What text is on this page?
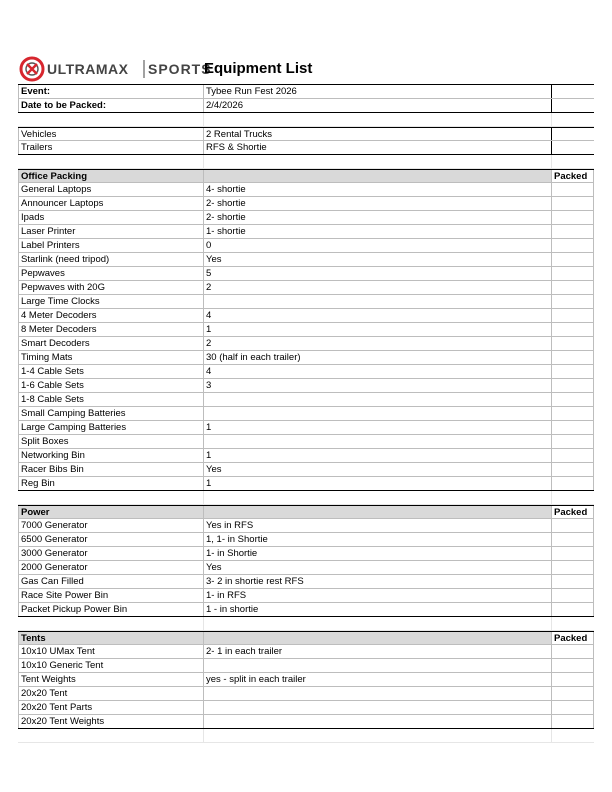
ULTRAMAX SPORTS
Equipment List
Event:	Tybee Run Fest 2026
Date to be Packed:	2/4/2026
Vehicles	2 Rental Trucks
Trailers	RFS & Shortie
Office Packing	Packed
General Laptops	4- shortie
Announcer Laptops	2- shortie
Ipads	2- shortie
Laser Printer	1- shortie
Label Printers	0
Starlink (need tripod)	Yes
Pepwaves	5
Pepwaves with 20G	2
Large Time Clocks
4 Meter Decoders	4
8 Meter Decoders	1
Smart Decoders	2
Timing Mats	30 (half in each trailer)
1-4 Cable Sets	4
1-6 Cable Sets	3
1-8 Cable Sets
Small Camping Batteries
Large Camping Batteries	1
Split Boxes
Networking Bin	1
Racer Bibs Bin	Yes
Reg Bin	1
Power	Packed
7000 Generator	Yes in RFS
6500 Generator	1, 1- in Shortie
3000 Generator	1- in Shortie
2000 Generator	Yes
Gas Can Filled	3- 2 in shortie rest RFS
Race Site Power Bin	1- in RFS
Packet Pickup Power Bin	1 - in shortie
Tents	Packed
10x10 UMax Tent	2- 1 in each trailer
10x10 Generic Tent
Tent Weights	yes - split in each trailer
20x20 Tent
20x20 Tent Parts
20x20 Tent Weights
